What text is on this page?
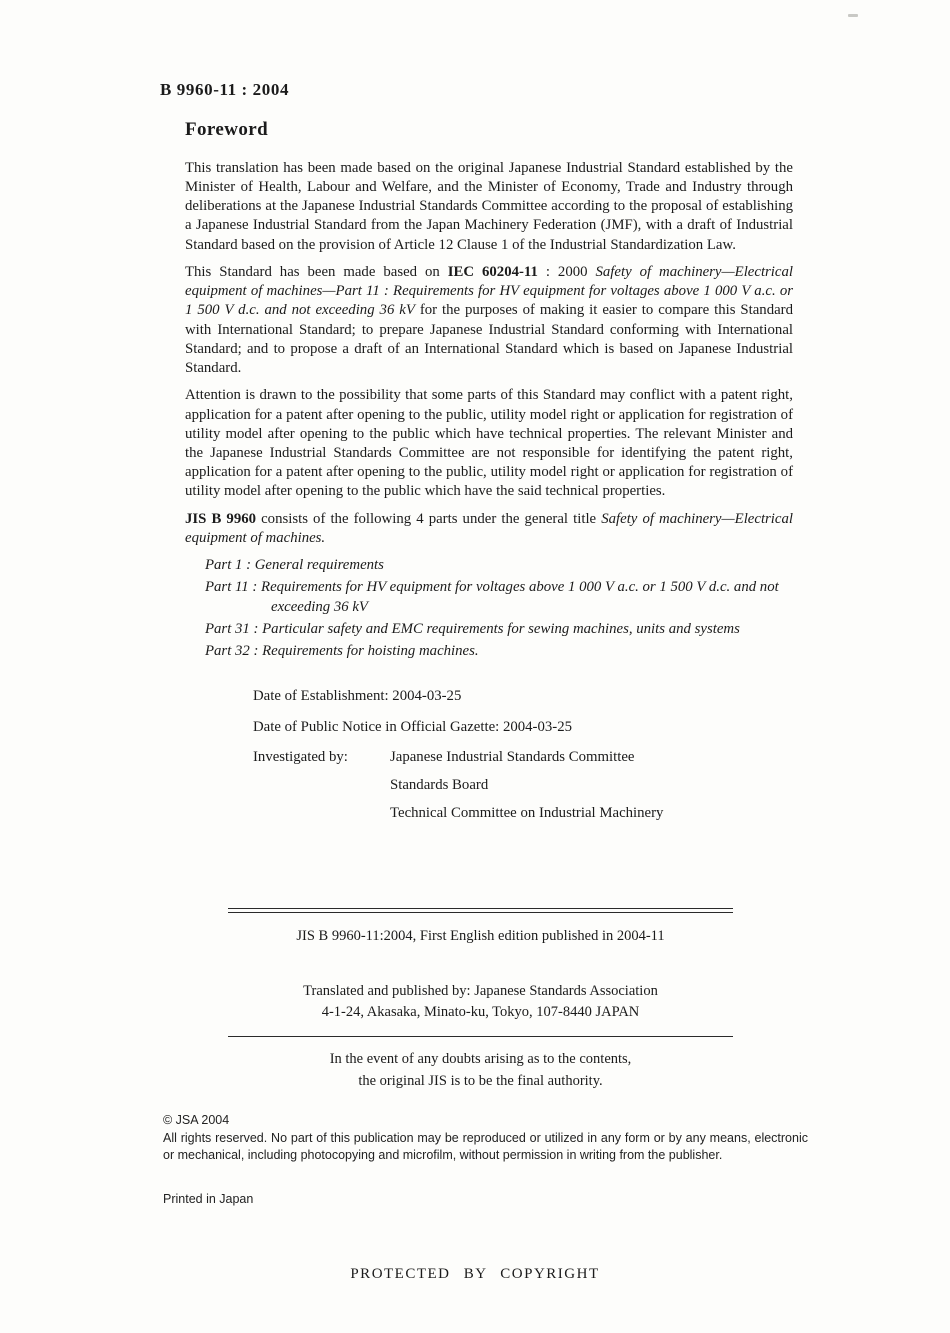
B 9960-11 : 2004
Foreword

This translation has been made based on the original Japanese Industrial Standard established by the Minister of Health, Labour and Welfare, and the Minister of Economy, Trade and Industry through deliberations at the Japanese Industrial Standards Committee according to the proposal of establishing a Japanese Industrial Standard from the Japan Machinery Federation (JMF), with a draft of Industrial Standard based on the provision of Article 12 Clause 1 of the Industrial Standardization Law.

This Standard has been made based on IEC 60204-11 : 2000 Safety of machinery—Electrical equipment of machines—Part 11 : Requirements for HV equipment for voltages above 1 000 V a.c. or 1 500 V d.c. and not exceeding 36 kV for the purposes of making it easier to compare this Standard with International Standard; to prepare Japanese Industrial Standard conforming with International Standard; and to propose a draft of an International Standard which is based on Japanese Industrial Standard.

Attention is drawn to the possibility that some parts of this Standard may conflict with a patent right, application for a patent after opening to the public, utility model right or application for registration of utility model after opening to the public which have technical properties. The relevant Minister and the Japanese Industrial Standards Committee are not responsible for identifying the patent right, application for a patent after opening to the public, utility model right or application for registration of utility model after opening to the public which have the said technical properties.

JIS B 9960 consists of the following 4 parts under the general title Safety of machinery—Electrical equipment of machines.

Part 1 : General requirements
Part 11 : Requirements for HV equipment for voltages above 1 000 V a.c. or 1 500 V d.c. and not exceeding 36 kV
Part 31 : Particular safety and EMC requirements for sewing machines, units and systems
Part 32 : Requirements for hoisting machines.
Date of Establishment: 2004-03-25
Date of Public Notice in Official Gazette: 2004-03-25
Investigated by:	Japanese Industrial Standards Committee
Standards Board
Technical Committee on Industrial Machinery
JIS B 9960-11:2004, First English edition published in 2004-11
Translated and published by: Japanese Standards Association
4-1-24, Akasaka, Minato-ku, Tokyo, 107-8440 JAPAN
In the event of any doubts arising as to the contents,
the original JIS is to be the final authority.
© JSA 2004
All rights reserved. No part of this publication may be reproduced or utilized in any form or by any means, electronic or mechanical, including photocopying and microfilm, without permission in writing from the publisher.
Printed in Japan
PROTECTED BY COPYRIGHT
